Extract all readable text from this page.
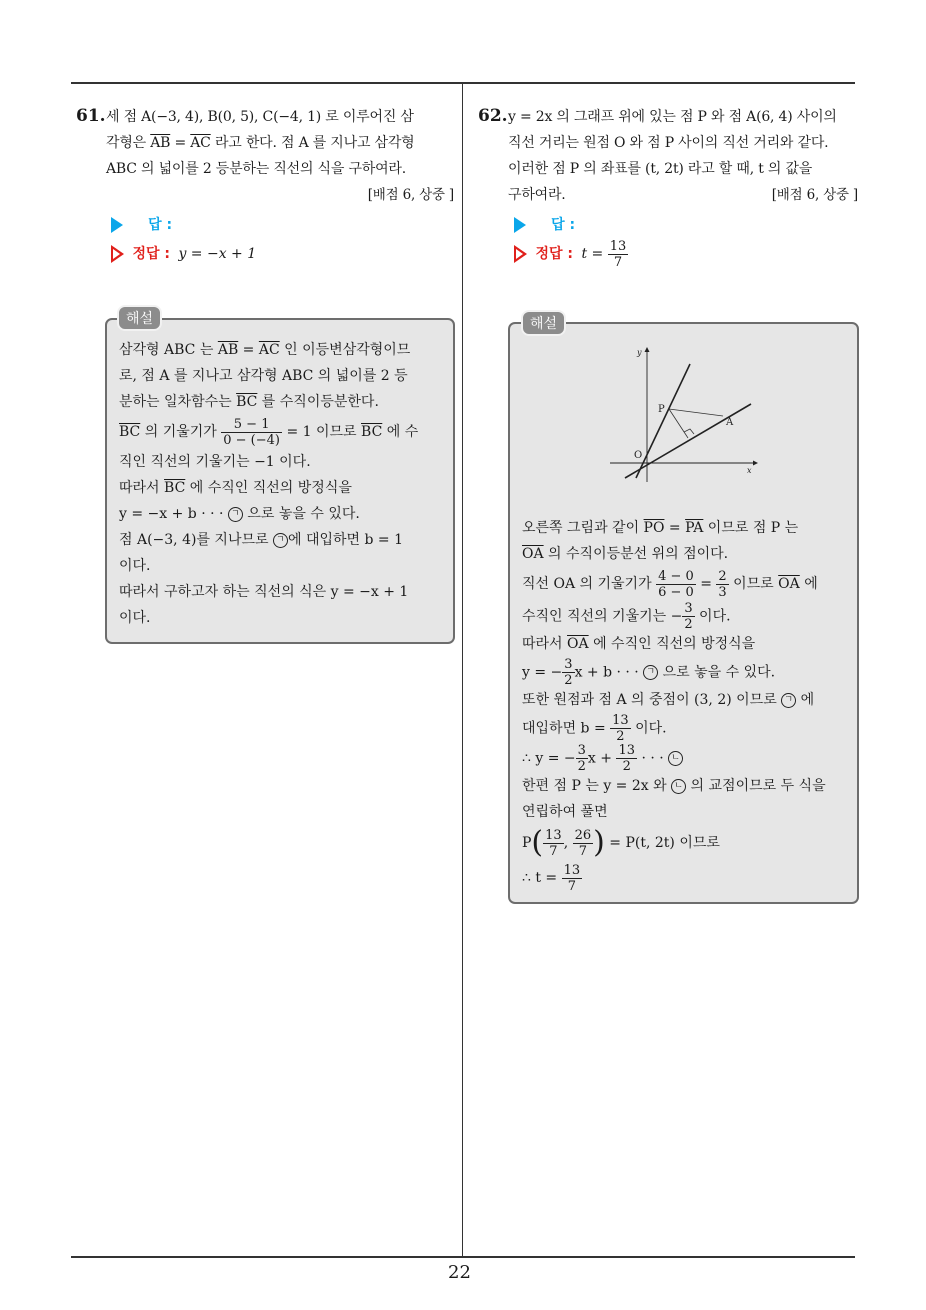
22
61. 세 점 A(−3, 4), B(0, 5), C(−4, 1) 로 이루어진 삼
각형은 $\overline{AB} = \overline{AC}$ 라고 한다. 점 A 를 지나고 삼각형
ABC 의 넓이를 2 등분하는 직선의 식을 구하여라.
[배점 6, 상중 ]
답 :
정답 : y = −x + 1
해설
삼각형 ABC 는 $\overline{AB} = \overline{AC}$ 인 이등변삼각형이므
로, 점 A 를 지나고 삼각형 ABC 의 넓이를 2 등
분하는 일차함수는 $\overline{BC}$ 를 수직이등분한다.
$\overline{BC}$ 의 기울기가 $\frac{5 - 1}{0 - (-4)} = 1$ 이므로 $\overline{BC}$ 에 수
직인 직선의 기울기는 −1 이다.
따라서 $\overline{BC}$ 에 수직인 직선의 방정식을
y = −x + b · · · ㄱ 으로 놓을 수 있다.
점 A(−3, 4)를 지나므로 ㄱ 에 대입하면 b = 1
이다.
따라서 구하고자 하는 직선의 식은 y = −x + 1
이다.
62. y = 2x 의 그래프 위에 있는 점 P 와 점 A(6, 4) 사이의
직선 거리는 원점 O 와 점 P 사이의 직선 거리와 같다.
이러한 점 P 의 좌표를 (t, 2t) 라고 할 때, t 의 값을
구하여라.	[배점 6, 상중 ]
답 :
정답 : $t = \frac{13}{7}$
해설
y
x
O
P
A
오른쪽 그림과 같이 $\overline{PO} = \overline{PA}$ 이므로 점 P 는
$\overline{OA}$ 의 수직이등분선 위의 점이다.
직선 OA 의 기울기가 $\frac{4 - 0}{6 - 0} = \frac{2}{3}$ 이므로 $\overline{OA}$ 에
수직인 직선의 기울기는 − $\frac{3}{2}$ 이다.
따라서 $\overline{OA}$ 에 수직인 직선의 방정식을
y = − $\frac{3}{2}$ x + b · · · ㄱ 으로 놓을 수 있다.
또한 원점과 점 A 의 중점이 (3, 2) 이므로 ㄱ 에
대입하면 $b = \frac{13}{2}$ 이다.
∴ y = − $\frac{3}{2}$ $x + \frac{13}{2}$ · · · ㄴ
한편 점 P 는 y = 2x 와 ㄴ 의 교점이므로 두 식을
연립하여 풀면
$P( \frac{13}{7}$ , $\frac{26}{7}$ ) = P(t, 2t) 이므로
∴ $t = \frac{13}{7}$
